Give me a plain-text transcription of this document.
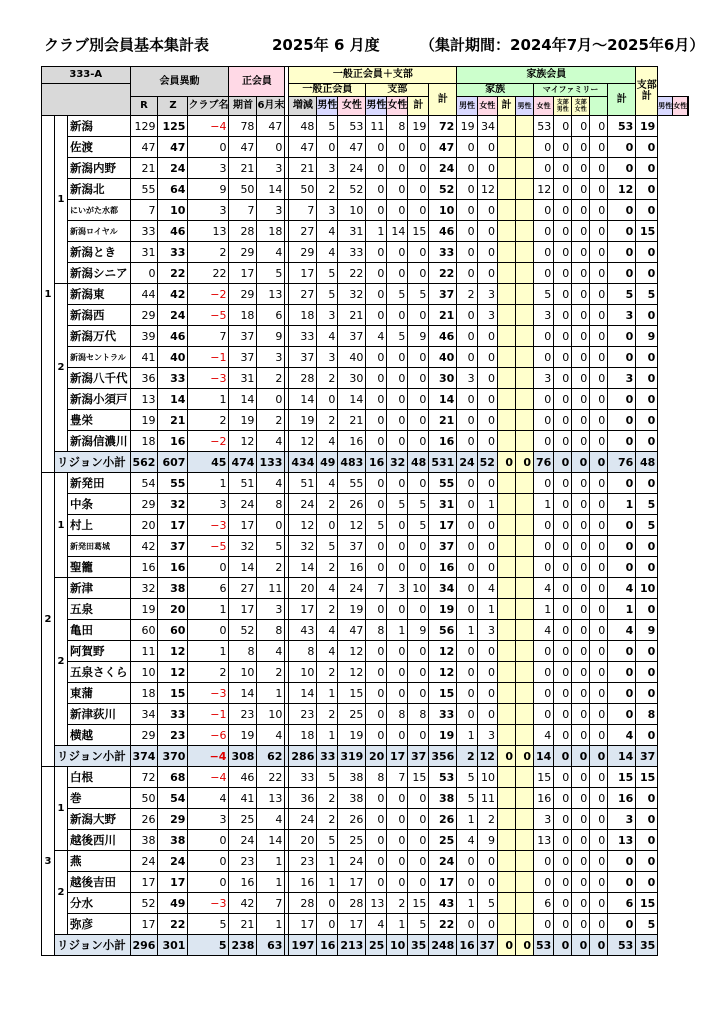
クラブ別会員基本集計表	2025年 6 月度	（集計期間：2024年7月～2025年6月）
333-A			会員異動			正会員			一般正会員＋支部							家族会員									支部計			
									一般正会員			支部			計	家族				マイファミリー				計				
			R	Z	クラブ名	期首	6月末		増減	男性	女性	男性	女性	計		男性	女性	計	男性	女性	支部男性	支部女性				男性	女性	
1	1	新潟	129	125	−4	78	47		48	5	53	11	8	19	72	19	34			53	0	0	0	53	19			
		佐渡	47	47	0	47	0		47	0	47	0	0	0	47	0	0			0	0	0	0	0	0			
		新潟内野	21	24	3	21	3		21	3	24	0	0	0	24	0	0			0	0	0	0	0	0			
		新潟北	55	64	9	50	14		50	2	52	0	0	0	52	0	12			12	0	0	0	12	0			
		にいがた水都	7	10	3	7	3		7	3	10	0	0	0	10	0	0			0	0	0	0	0	0			
		新潟ロイヤル	33	46	13	28	18		27	4	31	1	14	15	46	0	0			0	0	0	0	0	15			
		新潟とき	31	33	2	29	4		29	4	33	0	0	0	33	0	0			0	0	0	0	0	0			
		新潟シニア	0	22	22	17	5		17	5	22	0	0	0	22	0	0			0	0	0	0	0	0			
	2	新潟東	44	42	−2	29	13		27	5	32	0	5	5	37	2	3			5	0	0	0	5	5			
		新潟西	29	24	−5	18	6		18	3	21	0	0	0	21	0	3			3	0	0	0	3	0			
		新潟万代	39	46	7	37	9		33	4	37	4	5	9	46	0	0			0	0	0	0	0	9			
		新潟セントラル	41	40	−1	37	3		37	3	40	0	0	0	40	0	0			0	0	0	0	0	0			
		新潟八千代	36	33	−3	31	2		28	2	30	0	0	0	30	3	0			3	0	0	0	3	0			
		新潟小須戸	13	14	1	14	0		14	0	14	0	0	0	14	0	0			0	0	0	0	0	0			
		豊栄	19	21	2	19	2		19	2	21	0	0	0	21	0	0			0	0	0	0	0	0			
		新潟信濃川	18	16	−2	12	4		12	4	16	0	0	0	16	0	0			0	0	0	0	0	0			
	リジョン小計		562	607	45	474	133		434	49	483	16	32	48	531	24	52	0	0	76	0	0	0	76	48			
2	1	新発田	54	55	1	51	4		51	4	55	0	0	0	55	0	0			0	0	0	0	0	0			
		中条	29	32	3	24	8		24	2	26	0	5	5	31	0	1			1	0	0	0	1	5			
		村上	20	17	−3	17	0		12	0	12	5	0	5	17	0	0			0	0	0	0	0	5			
		新発田葛城	42	37	−5	32	5		32	5	37	0	0	0	37	0	0			0	0	0	0	0	0			
		聖籠	16	16	0	14	2		14	2	16	0	0	0	16	0	0			0	0	0	0	0	0			
	2	新津	32	38	6	27	11		20	4	24	7	3	10	34	0	4			4	0	0	0	4	10			
		五泉	19	20	1	17	3		17	2	19	0	0	0	19	0	1			1	0	0	0	1	0			
		亀田	60	60	0	52	8		43	4	47	8	1	9	56	1	3			4	0	0	0	4	9			
		阿賀野	11	12	1	8	4		8	4	12	0	0	0	12	0	0			0	0	0	0	0	0			
		五泉さくら	10	12	2	10	2		10	2	12	0	0	0	12	0	0			0	0	0	0	0	0			
		東蒲	18	15	−3	14	1		14	1	15	0	0	0	15	0	0			0	0	0	0	0	0			
		新津荻川	34	33	−1	23	10		23	2	25	0	8	8	33	0	0			0	0	0	0	0	8			
		横越	29	23	−6	19	4		18	1	19	0	0	0	19	1	3			4	0	0	0	4	0			
	リジョン小計		374	370	−4	308	62		286	33	319	20	17	37	356	2	12	0	0	14	0	0	0	14	37			
3	1	白根	72	68	−4	46	22		33	5	38	8	7	15	53	5	10			15	0	0	0	15	15			
		巻	50	54	4	41	13		36	2	38	0	0	0	38	5	11			16	0	0	0	16	0			
		新潟大野	26	29	3	25	4		24	2	26	0	0	0	26	1	2			3	0	0	0	3	0			
		越後西川	38	38	0	24	14		20	5	25	0	0	0	25	4	9			13	0	0	0	13	0			
	2	燕	24	24	0	23	1		23	1	24	0	0	0	24	0	0			0	0	0	0	0	0			
		越後吉田	17	17	0	16	1		16	1	17	0	0	0	17	0	0			0	0	0	0	0	0			
		分水	52	49	−3	42	7		28	0	28	13	2	15	43	1	5			6	0	0	0	6	15			
		弥彦	17	22	5	21	1		17	0	17	4	1	5	22	0	0			0	0	0	0	0	5			
	リジョン小計		296	301	5	238	63		197	16	213	25	10	35	248	16	37	0	0	53	0	0	0	53	35			
